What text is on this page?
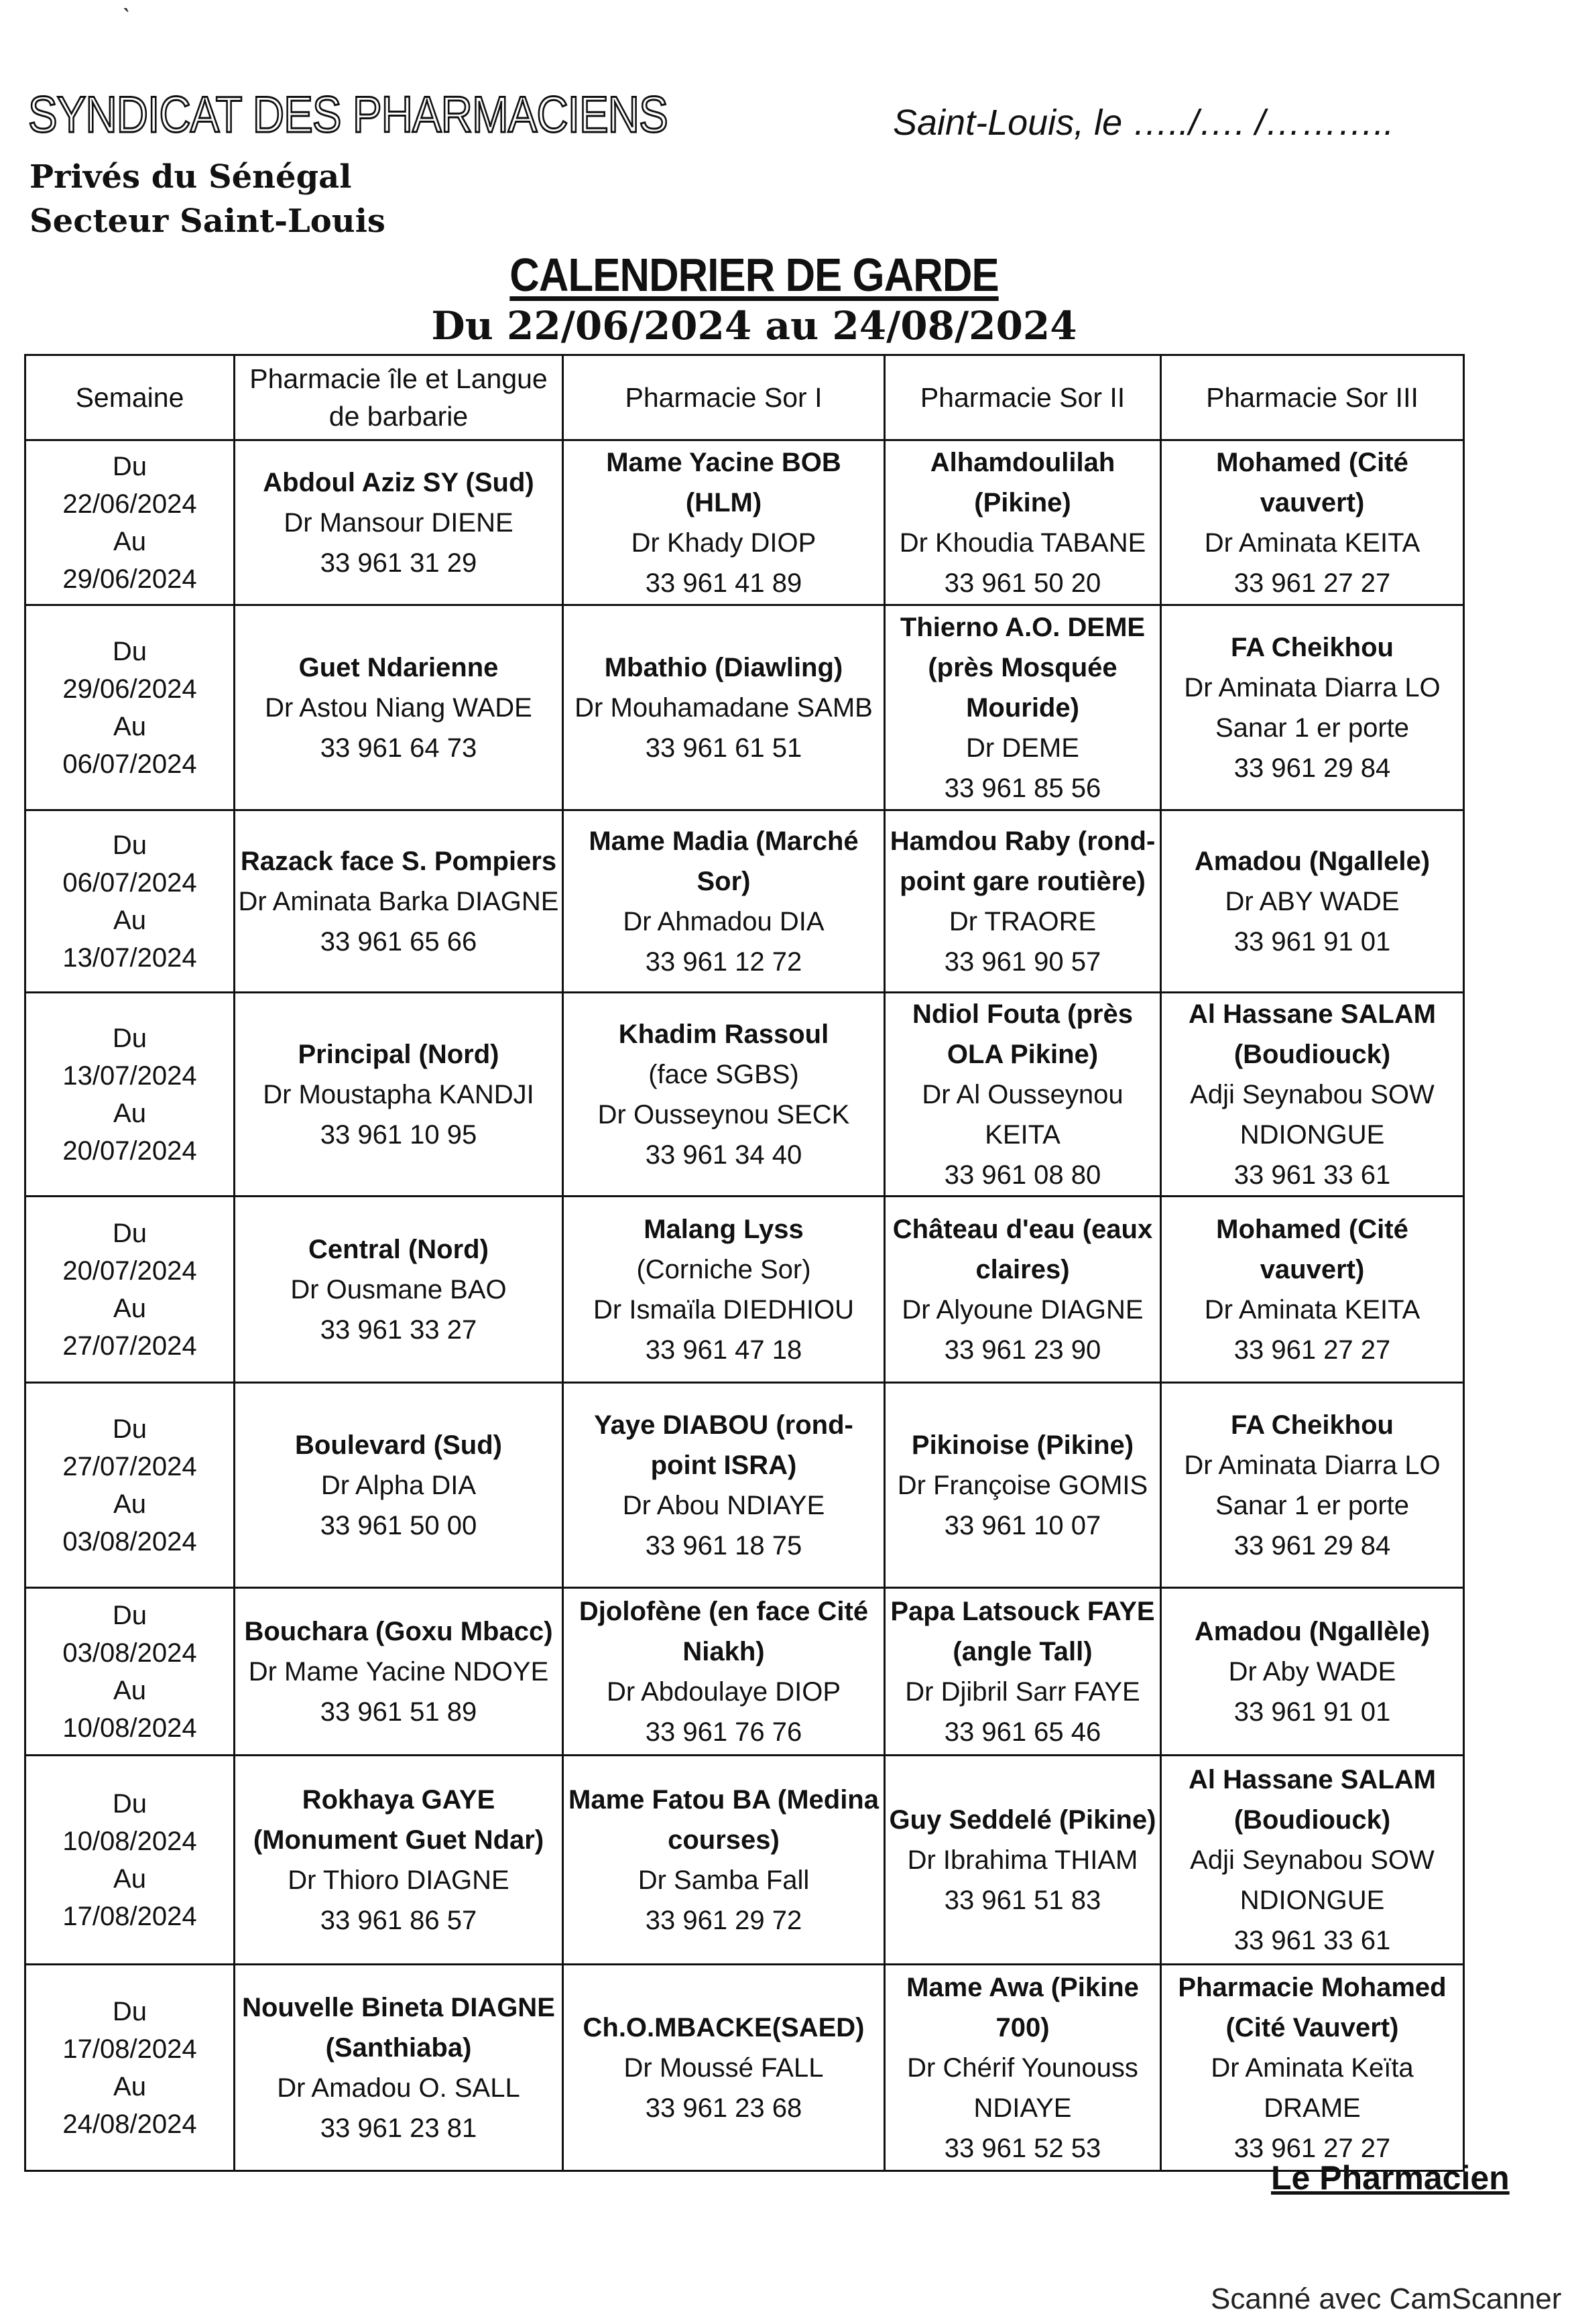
ˋ
SYNDICAT DES PHARMACIENS
Privés du Sénégal
Secteur Saint-Louis
Saint-Louis, le …../…. /………..
CALENDRIER DE GARDE
Du 22/06/2024 au 24/08/2024
Semaine	Pharmacie île et Langue de barbarie	Pharmacie Sor I	Pharmacie Sor II	Pharmacie Sor III

Du
22/06/2024
Au
29/06/2024	Abdoul Aziz SY (Sud)
Dr Mansour DIENE
33 961 31 29	Mame Yacine BOB (HLM)
Dr Khady DIOP
33 961 41 89	Alhamdoulilah (Pikine)
Dr Khoudia TABANE
33 961 50 20	Mohamed (Cité vauvert)
Dr Aminata KEITA
33 961 27 27

Du
29/06/2024
Au
06/07/2024	Guet Ndarienne
Dr Astou Niang WADE
33 961 64 73	Mbathio (Diawling)
Dr Mouhamadane SAMB
33 961 61 51	Thierno A.O. DEME (près Mosquée Mouride)
Dr DEME
33 961 85 56	FA Cheikhou
Dr Aminata Diarra LO
Sanar 1 er porte
33 961 29 84

Du
06/07/2024
Au
13/07/2024	Razack face S. Pompiers
Dr Aminata Barka DIAGNE
33 961 65 66	Mame Madia (Marché Sor)
Dr Ahmadou DIA
33 961 12 72	Hamdou Raby (rond-point gare routière)
Dr TRAORE
33 961 90 57	Amadou (Ngallele)
Dr ABY WADE
33 961 91 01

Du
13/07/2024
Au
20/07/2024	Principal (Nord)
Dr Moustapha KANDJI
33 961 10 95	Khadim Rassoul
(face SGBS)
Dr Ousseynou SECK
33 961 34 40	Ndiol Fouta (près OLA Pikine)
Dr Al Ousseynou KEITA
33 961 08 80	Al Hassane SALAM (Boudiouck)
Adji Seynabou SOW NDIONGUE
33 961 33 61

Du
20/07/2024
Au
27/07/2024	Central (Nord)
Dr Ousmane BAO
33 961 33 27	Malang Lyss
(Corniche Sor)
Dr Ismaïla DIEDHIOU
33 961 47 18	Château d'eau (eaux claires)
Dr Alyoune DIAGNE
33 961 23 90	Mohamed (Cité vauvert)
Dr Aminata KEITA
33 961 27 27

Du
27/07/2024
Au
03/08/2024	Boulevard (Sud)
Dr Alpha DIA
33 961 50 00	Yaye DIABOU (rond-point ISRA)
Dr Abou NDIAYE
33 961 18 75	Pikinoise (Pikine)
Dr Françoise GOMIS
33 961 10 07	FA Cheikhou
Dr Aminata Diarra LO
Sanar 1 er porte
33 961 29 84

Du
03/08/2024
Au
10/08/2024	Bouchara (Goxu Mbacc)
Dr Mame Yacine NDOYE
33 961 51 89	Djolofène (en face Cité Niakh)
Dr Abdoulaye DIOP
33 961 76 76	Papa Latsouck FAYE (angle Tall)
Dr Djibril Sarr FAYE
33 961 65 46	Amadou (Ngallèle)
Dr Aby WADE
33 961 91 01

Du
10/08/2024
Au
17/08/2024	Rokhaya GAYE (Monument Guet Ndar)
Dr Thioro DIAGNE
33 961 86 57	Mame Fatou BA (Medina courses)
Dr Samba Fall
33 961 29 72	Guy Seddelé (Pikine)
Dr Ibrahima THIAM
33 961 51 83	Al Hassane SALAM (Boudiouck)
Adji Seynabou SOW NDIONGUE
33 961 33 61

Du
17/08/2024
Au
24/08/2024	Nouvelle Bineta DIAGNE (Santhiaba)
Dr Amadou O. SALL
33 961 23 81	Ch.O.MBACKE(SAED)
Dr Moussé FALL
33 961 23 68	Mame Awa (Pikine 700)
Dr Chérif Younouss NDIAYE
33 961 52 53	Pharmacie Mohamed (Cité Vauvert)
Dr Aminata Keïta DRAME
33 961 27 27
Le Pharmacien
Scanné avec CamScanner
